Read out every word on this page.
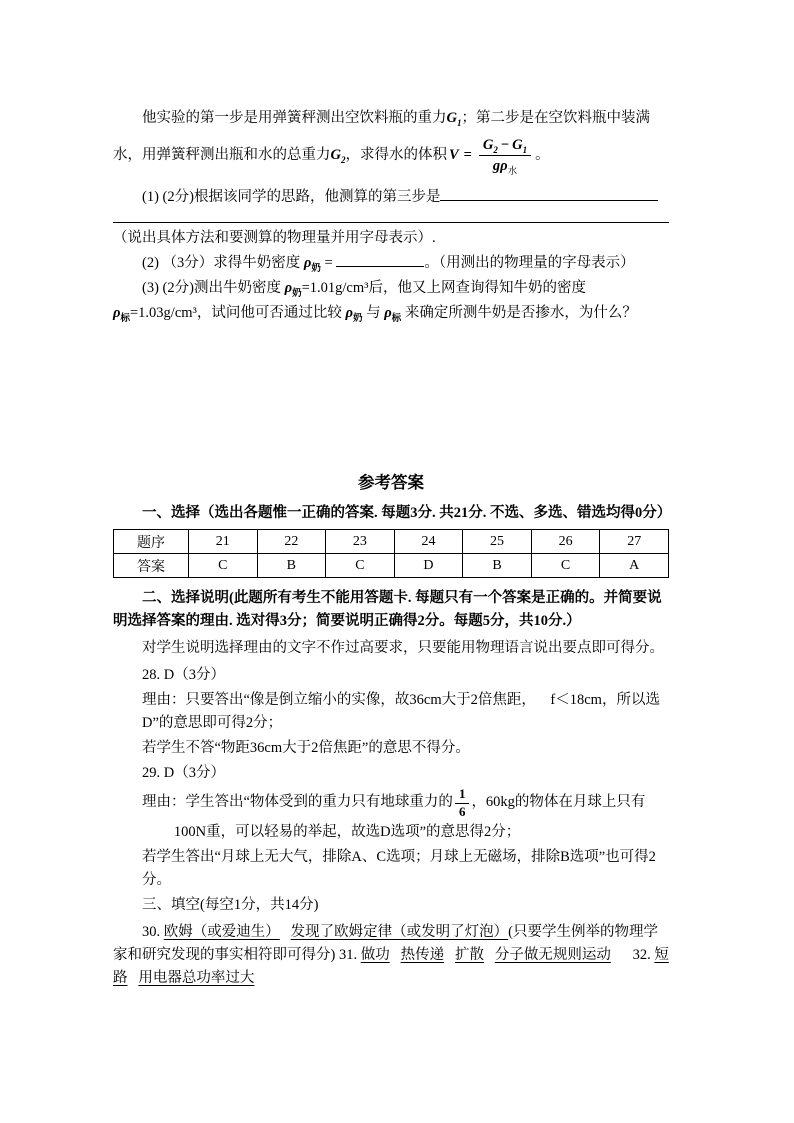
他实验的第一步是用弹簧秤测出空饮料瓶的重力$G_1$；第二步是在空饮料瓶中装满
水，用弹簧秤测出瓶和水的总重力$G_2$，求得水的体积 $V = \frac{G_2 - G_1}{g\rho_水}$ 。
(1) (2分)根据该同学的思路，他测算的第三步是
（说出具体方法和要测算的物理量并用字母表示）.
(2) （3分）求得牛奶密度 $\rho_奶$ =	。（用测出的物理量的字母表示）
(3) (2分)测出牛奶密度 $\rho_奶=1.01g$/cm³后，他又上网查询得知牛奶的密度
$\rho_标=1.03g$/cm³，试问他可否通过比较 $\rho_奶$ 与 $\rho_标$ 来确定所测牛奶是否掺水，为什么？
参考答案
一、选择（选出各题惟一正确的答案. 每题3分. 共21分. 不选、多选、错选均得0分）
题序	21	22	23	24	25	26	27
答案	C	B	C	D	B	C	A
二、选择说明(此题所有考生不能用答题卡. 每题只有一个答案是正确的。并简要说明选择答案的理由. 选对得3分；简要说明正确得2分。每题5分，共10分.）
对学生说明选择理由的文字不作过高要求，只要能用物理语言说出要点即可得分。
28. D（3分）
理由：只要答出“像是倒立缩小的实像，故36cm大于2倍焦距，    f＜18cm，所以选D”的意思即可得2分；
若学生不答“物距36cm大于2倍焦距”的意思不得分。
29. D（3分）
理由：学生答出“物体受到的重力只有地球重力的 $\frac{1}{6}$ ，60kg的物体在月球上只有
100N重，可以轻易的举起，故选D选项”的意思得2分；
若学生答出“月球上无大气，排除A、C选项；月球上无磁场，排除B选项”也可得2分。
三、填空(每空1分，共14分)
30. 欧姆（或爱迪生） 发现了欧姆定律（或发明了灯泡）(只要学生例举的物理学家和研究发现的事实相符即可得分) 31. 做功 热传递 扩散 分子做无规则运动      32. 短路 用电器总功率过大
